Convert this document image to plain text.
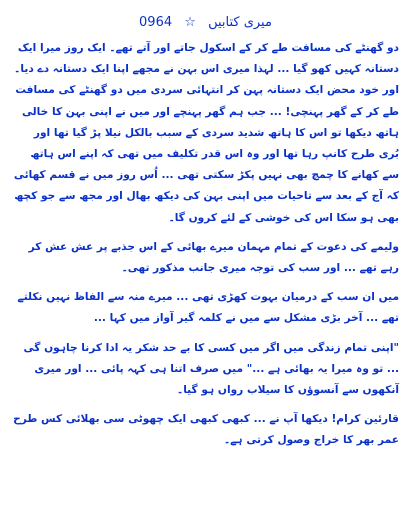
0964 ☆ میری کتابیں

دو گھنٹے کی مسافت طے کر کے اسکول جاتے اور آتے تھے۔ ایک روز میرا ایک دستانہ کہیں کھو گیا ... لہذا میری اس بہن نے مجھے اپنا ایک دستانہ دے دیا۔ اور خود محض ایک دستانہ پہن کر انتہائی سردی میں دو گھنٹے کی مسافت طے کر کے گھر پہنچی! ... جب ہم گھر پہنچے اور میں نے اپنی بہن کا خالی ہاتھ دیکھا تو اس کا ہاتھ شدید سردی کے سبب بالکل نیلا پڑ گیا تھا اور بُری طرح کانپ رہا تھا اور وہ اس قدر تکلیف میں تھی کہ اپنے اس ہاتھ سے کھانے کا چمچ بھی نہیں پکڑ سکتی تھی ... اُس روز میں نے قسم کھائی کہ آج کے بعد سے تاحیات میں اپنی بہن کی دیکھ بھال اور مجھ سے جو کچھ بھی ہو سکا اس کی خوشی کے لئے کروں گا۔

ولیمے کی دعوت کے تمام مہمان میرے بھائی کے اس جذبے پر عش عش کر رہے تھے ... اور سب کی توجہ میری جانب مذکور تھی۔

میں ان سب کے درمیان بہوت کھڑی تھی ... میرے منہ سے الفاظ نہیں نکلتے تھے ... آخر بڑی مشکل سے میں نے کلمہ گیر آواز میں کہا ...

"اپنی تمام زندگی میں اگر میں کسی کا بے حد شکر یہ ادا کرنا چاہوں گی ... تو وہ میرا یہ بھائی ہے ..." میں صرف اتنا ہی کہہ پائی ... اور میری آنکھوں سے آنسوؤں کا سیلاب رواں ہو گیا۔

قارئین کرام! دیکھا آپ نے ... کبھی کبھی ایک چھوٹی سی بھلائی کس طرح عمر بھر کا خراج وصول کرتی ہے۔
